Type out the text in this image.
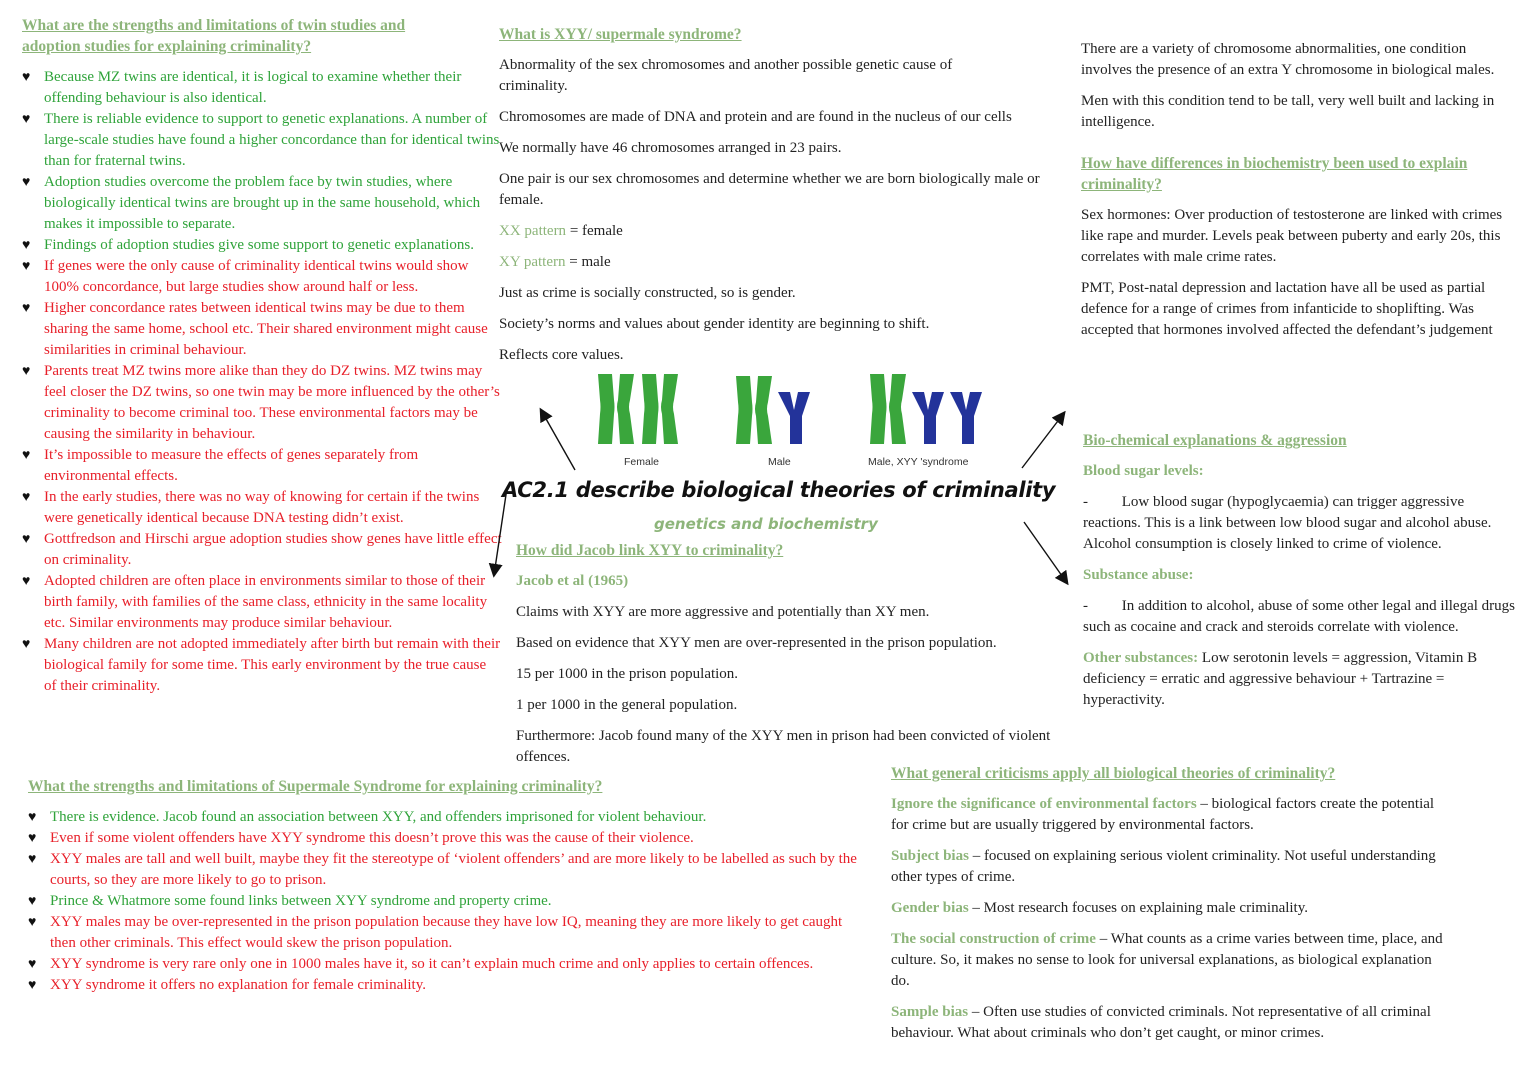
What are the strengths and limitations of twin studies and adoption studies for explaining criminality?
♥ Because MZ twins are identical, it is logical to examine whether their offending behaviour is also identical.
♥ There is reliable evidence to support to genetic explanations. A number of large-scale studies have found a higher concordance than for identical twins than for fraternal twins.
♥ Adoption studies overcome the problem face by twin studies, where biologically identical twins are brought up in the same household, which makes it impossible to separate.
♥ Findings of adoption studies give some support to genetic explanations.
♥ If genes were the only cause of criminality identical twins would show 100% concordance, but large studies show around half or less.
♥ Higher concordance rates between identical twins may be due to them sharing the same home, school etc. Their shared environment might cause similarities in criminal behaviour.
♥ Parents treat MZ twins more alike than they do DZ twins. MZ twins may feel closer the DZ twins, so one twin may be more influenced by the other’s criminality to become criminal too. These environmental factors may be causing the similarity in behaviour.
♥ It’s impossible to measure the effects of genes separately from environmental effects.
♥ In the early studies, there was no way of knowing for certain if the twins were genetically identical because DNA testing didn’t exist.
♥ Gottfredson and Hirschi argue adoption studies show genes have little effect on criminality.
♥ Adopted children are often place in environments similar to those of their birth family, with families of the same class, ethnicity in the same locality etc. Similar environments may produce similar behaviour.
♥ Many children are not adopted immediately after birth but remain with their biological family for some time. This early environment by the true cause of their criminality.
What is XYY/ supermale syndrome?

Abnormality of the sex chromosomes and another possible genetic cause of criminality.

Chromosomes are made of DNA and protein and are found in the nucleus of our cells

We normally have 46 chromosomes arranged in 23 pairs.

One pair is our sex chromosomes and determine whether we are born biologically male or female.

XX pattern = female

XY pattern = male

Just as crime is socially constructed, so is gender.

Society’s norms and values about gender identity are beginning to shift.

Reflects core values.

Female	Male	Male, XYY 'syndrome
AC2.1 describe biological theories of criminality
genetics and biochemistry
How did Jacob link XYY to criminality?

Jacob et al (1965)

Claims with XYY are more aggressive and potentially than XY men.

Based on evidence that XYY men are over-represented in the prison population.

15 per 1000 in the prison population.

1 per 1000 in the general population.

Furthermore: Jacob found many of the XYY men in prison had been convicted of violent offences.

There are a variety of chromosome abnormalities, one condition involves the presence of an extra Y chromosome in biological males.

Men with this condition tend to be tall, very well built and lacking in intelligence.

How have differences in biochemistry been used to explain criminality?

Sex hormones: Over production of testosterone are linked with crimes like rape and murder. Levels peak between puberty and early 20s, this correlates with male crime rates.

PMT, Post-natal depression and lactation have all be used as partial defence for a range of crimes from infanticide to shoplifting. Was accepted that hormones involved affected the defendant’s judgement

Bio-chemical explanations & aggression

Blood sugar levels:

- Low blood sugar (hypoglycaemia) can trigger aggressive reactions. This is a link between low blood sugar and alcohol abuse. Alcohol consumption is closely linked to crime of violence.

Substance abuse:

- In addition to alcohol, abuse of some other legal and illegal drugs such as cocaine and crack and steroids correlate with violence.

Other substances: Low serotonin levels = aggression, Vitamin B deficiency = erratic and aggressive behaviour + Tartrazine = hyperactivity.

What the strengths and limitations of Supermale Syndrome for explaining criminality?
♥ There is evidence. Jacob found an association between XYY, and offenders imprisoned for violent behaviour.
♥ Even if some violent offenders have XYY syndrome this doesn’t prove this was the cause of their violence.
♥ XYY males are tall and well built, maybe they fit the stereotype of ‘violent offenders’ and are more likely to be labelled as such by the courts, so they are more likely to go to prison.
♥ Prince & Whatmore some found links between XYY syndrome and property crime.
♥ XYY males may be over-represented in the prison population because they have low IQ, meaning they are more likely to get caught then other criminals. This effect would skew the prison population.
♥ XYY syndrome is very rare only one in 1000 males have it, so it can’t explain much crime and only applies to certain offences.
♥ XYY syndrome it offers no explanation for female criminality.
What general criticisms apply all biological theories of criminality?

Ignore the significance of environmental factors – biological factors create the potential for crime but are usually triggered by environmental factors.

Subject bias – focused on explaining serious violent criminality. Not useful understanding other types of crime.

Gender bias – Most research focuses on explaining male criminality.

The social construction of crime – What counts as a crime varies between time, place, and culture. So, it makes no sense to look for universal explanations, as biological explanation do.

Sample bias – Often use studies of convicted criminals. Not representative of all criminal behaviour. What about criminals who don’t get caught, or minor crimes.
